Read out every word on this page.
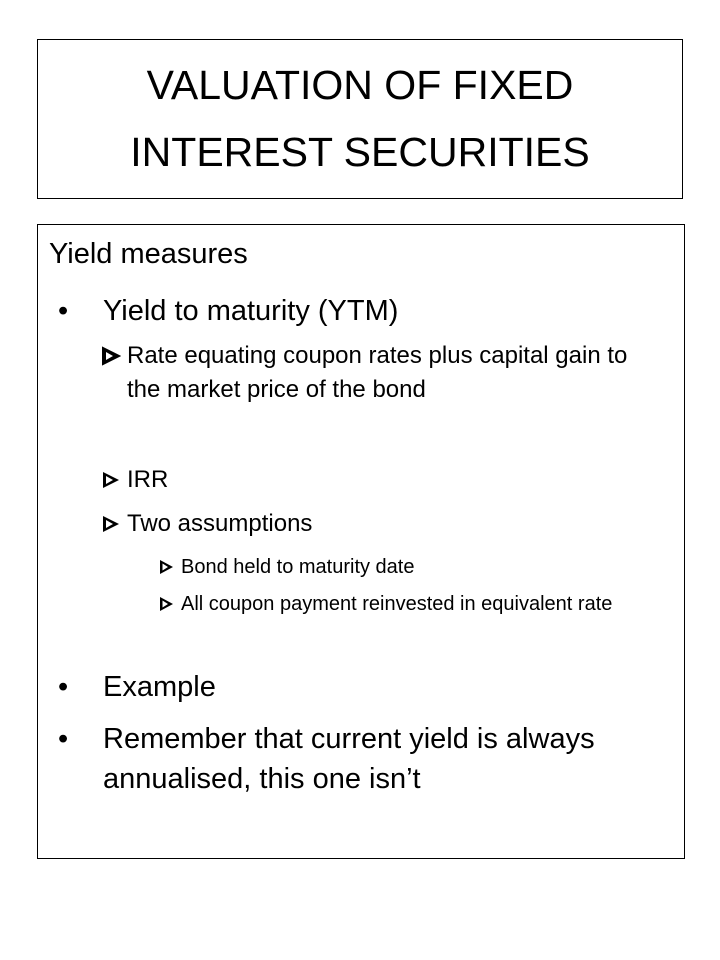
VALUATION OF FIXED
INTEREST SECURITIES
Yield measures
• Yield to maturity (YTM)
Rate equating coupon rates plus capital gain to the market price of the bond
IRR
Two assumptions
Bond held to maturity date
All coupon payment reinvested in equivalent rate
• Example
• Remember that current yield is always annualised, this one isn’t
